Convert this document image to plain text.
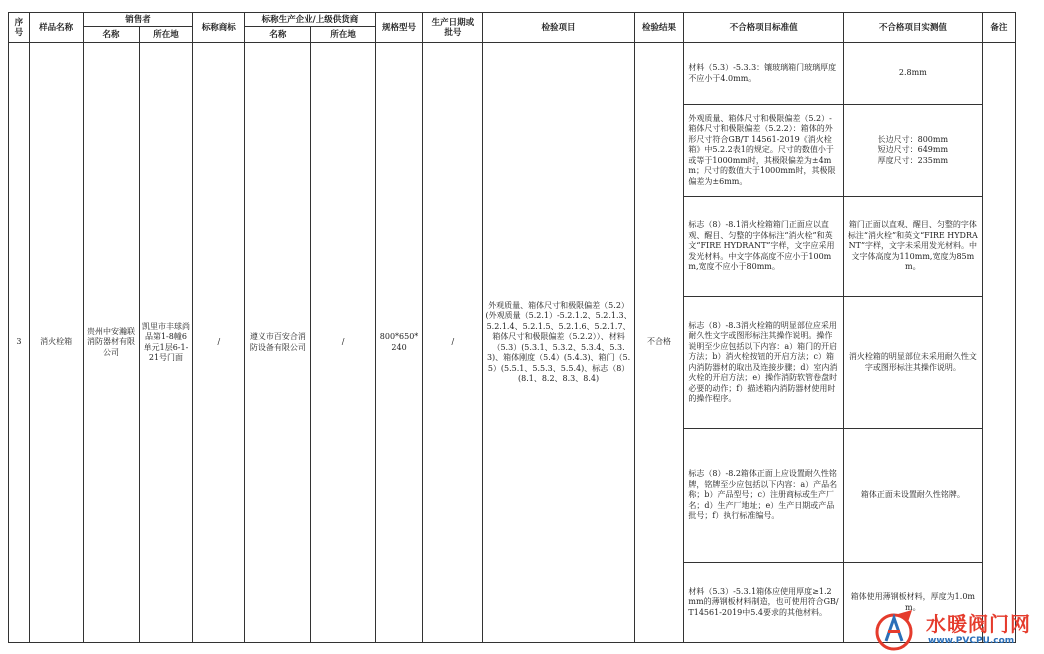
序
号	样品名称	销售者		标称商标	标称生产企业/上级供货商		规格型号	生产日期或
批号	检验项目	检验结果	不合格项目标准值	不合格项目实测值	备注
		名称	所在地		名称	所在地							
3	消火栓箱	贵州中安瀚联消防器材有限公司	凯里市丰球尚品第1-8幢6单元1层6-1-21号门面	/	遵义市百安合消防设备有限公司	/	800*650*240	/	外观质量、箱体尺寸和极限偏差（5.2）(外观质量（5.2.1）-5.2.1.2、5.2.1.3、5.2.1.4、5.2.1.5、5.2.1.6、5.2.1.7、箱体尺寸和极限偏差（5.2.2））、材料（5.3）(5.3.1、5.3.2、5.3.4、5.3.3)、箱体刚度（5.4）(5.4.3)、箱门（5.5）(5.5.1、5.5.3、5.5.4)、标志（8）(8.1、8.2、8.3、8.4)	不合格	材料（5.3）-5.3.3：镶玻璃箱门玻璃厚度不应小于4.0mm。	2.8mm	
											外观质量、箱体尺寸和极限偏差（5.2）-箱体尺寸和极限偏差（5.2.2）：箱体的外形尺寸符合GB/T 14561-2019《消火栓箱》中5.2.2表1的规定。尺寸的数值小于或等于1000mm时，其极限偏差为±4mm；尺寸的数值大于1000mm时，其极限偏差为±6mm。	长边尺寸：800mm
短边尺寸：649mm
厚度尺寸：235mm	
											标志（8）-8.1消火栓箱箱门正面应以直观、醒目、匀整的字体标注“消火栓”和英文“FIRE HYDRANT”字样，文字应采用发光材料。中文字体高度不应小于100mm,宽度不应小于80mm。	箱门正面以直观、醒目、匀整的字体标注“消火栓”和英文“FIRE HYDRANT”字样，文字未采用发光材料。中文字体高度为110mm,宽度为85mm。	
											标志（8）-8.3消火栓箱的明显部位应采用耐久性文字或图形标注其操作说明。操作说明至少应包括以下内容：a）箱门的开启方法；b）消火栓按钮的开启方法；c）箱内消防器材的取出及连接步骤；d）室内消火栓的开启方法；e）操作消防软管卷盘时必要的动作；f）描述箱内消防器材使用时的操作程序。	消火栓箱的明显部位未采用耐久性文字或图形标注其操作说明。	
											标志（8）-8.2箱体正面上应设置耐久性铭牌，铭牌至少应包括以下内容：a）产品名称；b）产品型号；c）注册商标或生产厂名；d）生产厂地址；e）生产日期或产品批号；f）执行标准编号。	箱体正面未设置耐久性铭牌。	
											材料（5.3）-5.3.1箱体应使用厚度≥1.2mm的薄钢板材料制造，也可使用符合GB/T14561-2019中5.4要求的其他材料。	箱体使用薄钢板材料，厚度为1.0mm。	
水暖阀门网
www.PVCPU.com
